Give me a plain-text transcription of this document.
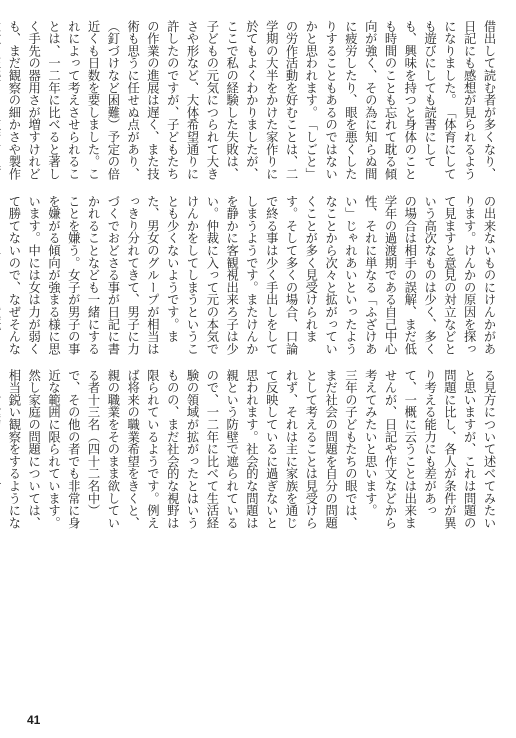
借出して読む者が多くなり、日記にも感想が見られるようになりました。　「体育にしても遊びにしても読書にしても、興味を持つと身体のことも時間のことも忘れて耽る傾向が強く、その為に知らぬ間に疲労したり、眼を悪くしたりすることもあるのではないかと思われます。　「しごと」の労作活動を好むことは、二学期の大半をかけた家作りに於てもよくわかりましたが、ここで私の経験した失敗は、子どもの元気につられて大きさや形など、大体希望通りに許したのですが、子どもたちの作業の進展は遅く、また技術も思うに任せぬ点があり、（釘づけなど困難）予定の倍近くも日数を要しました。これによって考えさせられることは、一二年に比べると著しく手先の器用さが増すけれども、まだ観察の細かさや製作　

の出来ないものにけんかがあります。けんかの原因を探って見ますと意見の対立などという高次なものは少く、多くの場合は相手の誤解、まだ低学年の過渡期である自己中心性、それに単なる「ふざけあい」じゃれあいといったようなことから次々と拡がっていくことが多く見受けられます。そして多くの場合、口論で終る事は少く手出しをしてしまうようです。またけんかを静かに客観視出来ろ子は少い。仲裁に入って元の本気でけんかをしてしまうということも少くないようです。また、男女のグループが相当はっきり分れてきて、男子に力づくでおどさる事が日記に書かれることなども一緒にすることを嫌う。女子が男子の事を嫌がる傾向が強まる様に思います。中には女は力が弱くて勝てないので、なぜそんな　

る見方について述べてみたいと思いますが、これは問題の問題に比し、各人が条件が異り考える能力にも差があって、一概に云うことは出来ませんが、日記や作文などから考えてみたいと思います。　三年の子どもたちの眼では、まだ社会の問題を自分の問題として考えることは見受けられず、それは主に家族を通じて反映しているに過ぎないと思われます。社会的な問題は親という防壁で遮られているので、一二年に比べて生活経験の領域が拡がったとはいうものの、まだ社会的な視野は限られているようです。例えば将来の職業希望をきくと、親の職業をそのまま欲している者十三名（四十二名中）で、その他の者でも非常に身近な範囲に限られています。　然し家庭の問題については、相当鋭い観察をするようにな　

41
